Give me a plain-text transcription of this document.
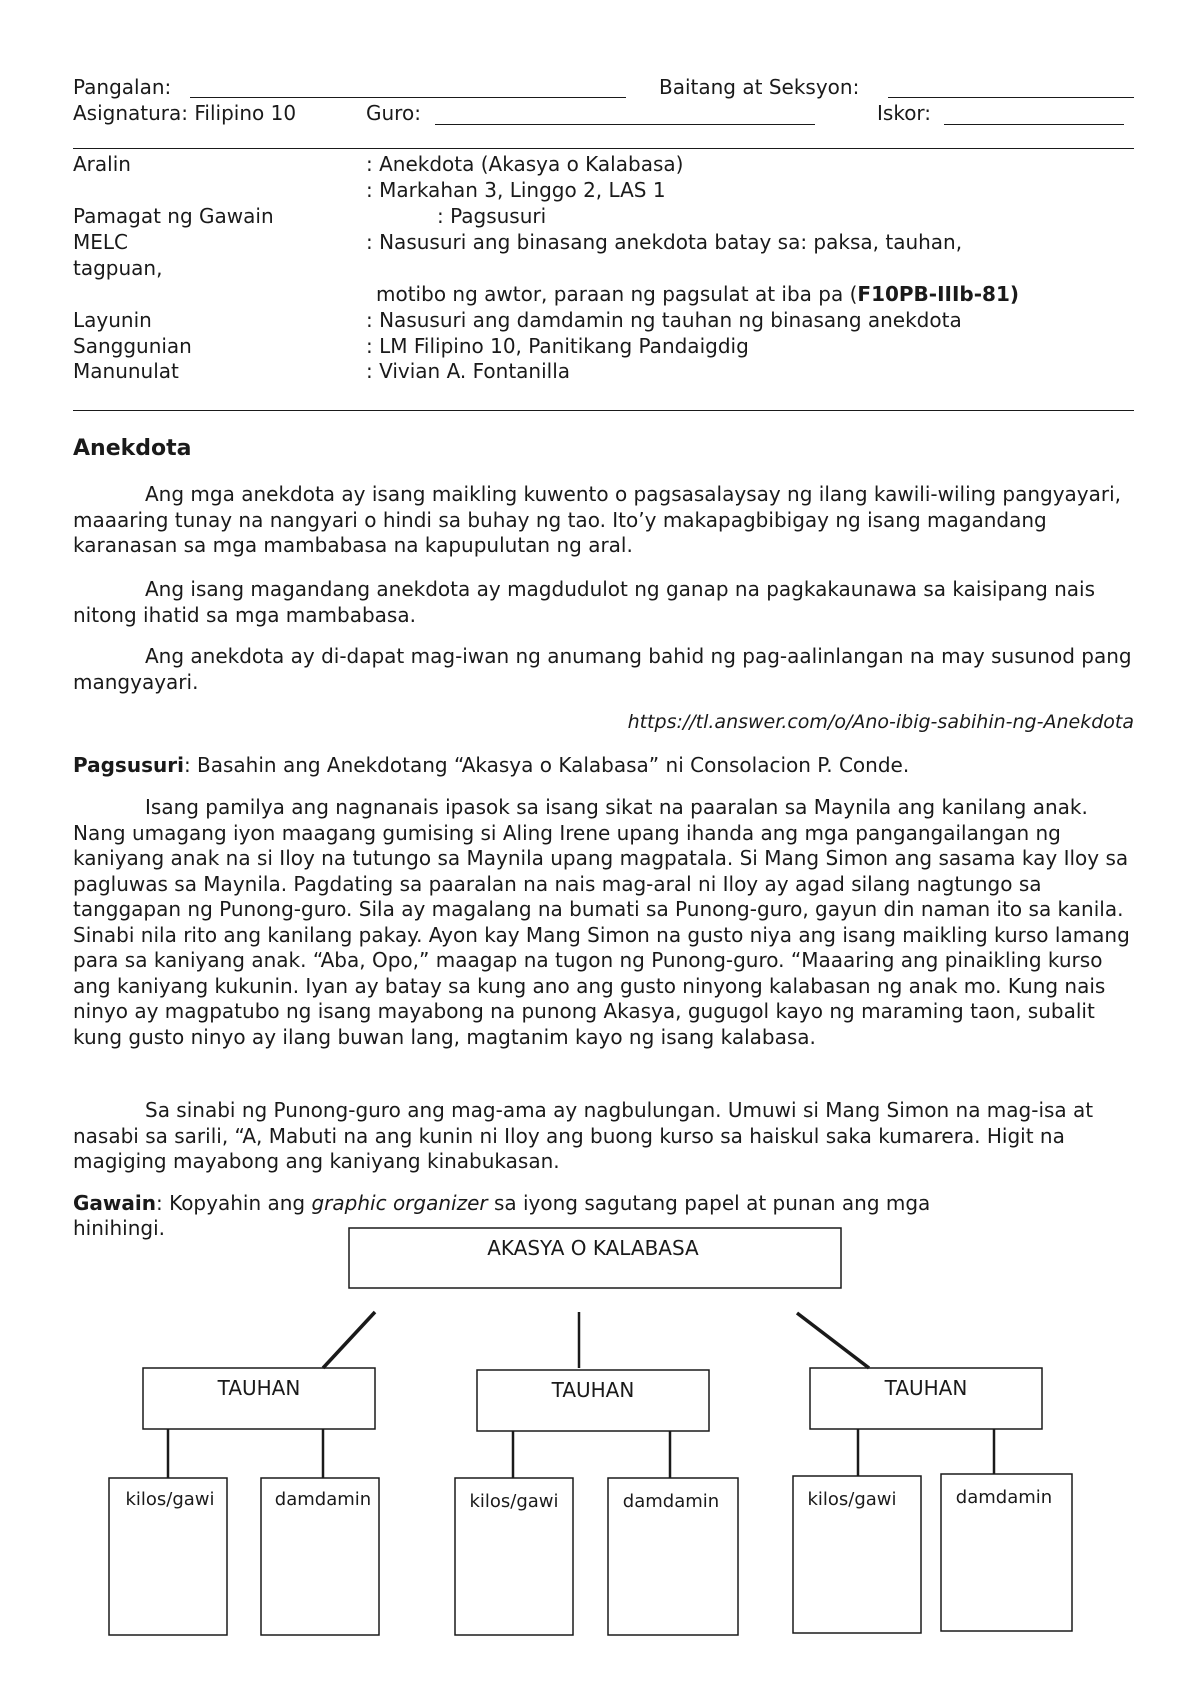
Pangalan:	Baitang at Seksyon:
Asignatura: Filipino 10	Guro:	Iskor:
Aralin	: Anekdota (Akasya o Kalabasa)
: Markahan 3, Linggo 2, LAS 1
Pamagat ng Gawain	: Pagsusuri
MELC	: Nasusuri ang binasang anekdota batay sa: paksa, tauhan,
tagpuan,
motibo ng awtor, paraan ng pagsulat at iba pa (F10PB-IIIb-81)
Layunin	: Nasusuri ang damdamin ng tauhan ng binasang anekdota
Sanggunian	: LM Filipino 10, Panitikang Pandaigdig
Manunulat	: Vivian A. Fontanilla
Anekdota
Ang mga anekdota ay isang maikling kuwento o pagsasalaysay ng ilang kawili-wiling pangyayari, maaaring tunay na nangyari o hindi sa buhay ng tao. Ito’y makapagbibigay ng isang magandang karanasan sa mga mambabasa na kapupulutan ng aral.
Ang isang magandang anekdota ay magdudulot ng ganap na pagkakaunawa sa kaisipang nais nitong ihatid sa mga mambabasa.
Ang anekdota ay di-dapat mag-iwan ng anumang bahid ng pag-aalinlangan na may susunod pang mangyayari.
https://tl.answer.com/o/Ano-ibig-sabihin-ng-Anekdota
Pagsusuri: Basahin ang Anekdotang “Akasya o Kalabasa” ni Consolacion P. Conde.
Isang pamilya ang nagnanais ipasok sa isang sikat na paaralan sa Maynila ang kanilang anak. Nang umagang iyon maagang gumising si Aling Irene upang ihanda ang mga pangangailangan ng kaniyang anak na si Iloy na tutungo sa Maynila upang magpatala. Si Mang Simon ang sasama kay Iloy sa pagluwas sa Maynila. Pagdating sa paaralan na nais mag-aral ni Iloy ay agad silang nagtungo sa tanggapan ng Punong-guro. Sila ay magalang na bumati sa Punong-guro, gayun din naman ito sa kanila. Sinabi nila rito ang kanilang pakay. Ayon kay Mang Simon na gusto niya ang isang maikling kurso lamang para sa kaniyang anak. “Aba, Opo,” maagap na tugon ng Punong-guro. “Maaaring ang pinaikling kurso ang kaniyang kukunin. Iyan ay batay sa kung ano ang gusto ninyong kalabasan ng anak mo. Kung nais ninyo ay magpatubo ng isang mayabong na punong Akasya, gugugol kayo ng maraming taon, subalit kung gusto ninyo ay ilang buwan lang, magtanim kayo ng isang kalabasa.
Sa sinabi ng Punong-guro ang mag-ama ay nagbulungan. Umuwi si Mang Simon na mag-isa at nasabi sa sarili, “A, Mabuti na ang kunin ni Iloy ang buong kurso sa haiskul saka kumarera. Higit na magiging mayabong ang kaniyang kinabukasan.
Gawain: Kopyahin ang graphic organizer sa iyong sagutang papel at punan ang mga
hinihingi.
AKASYA O KALABASA
TAUHAN	TAUHAN	TAUHAN
kilos/gawi	damdamin	kilos/gawi	damdamin	kilos/gawi	damdamin
